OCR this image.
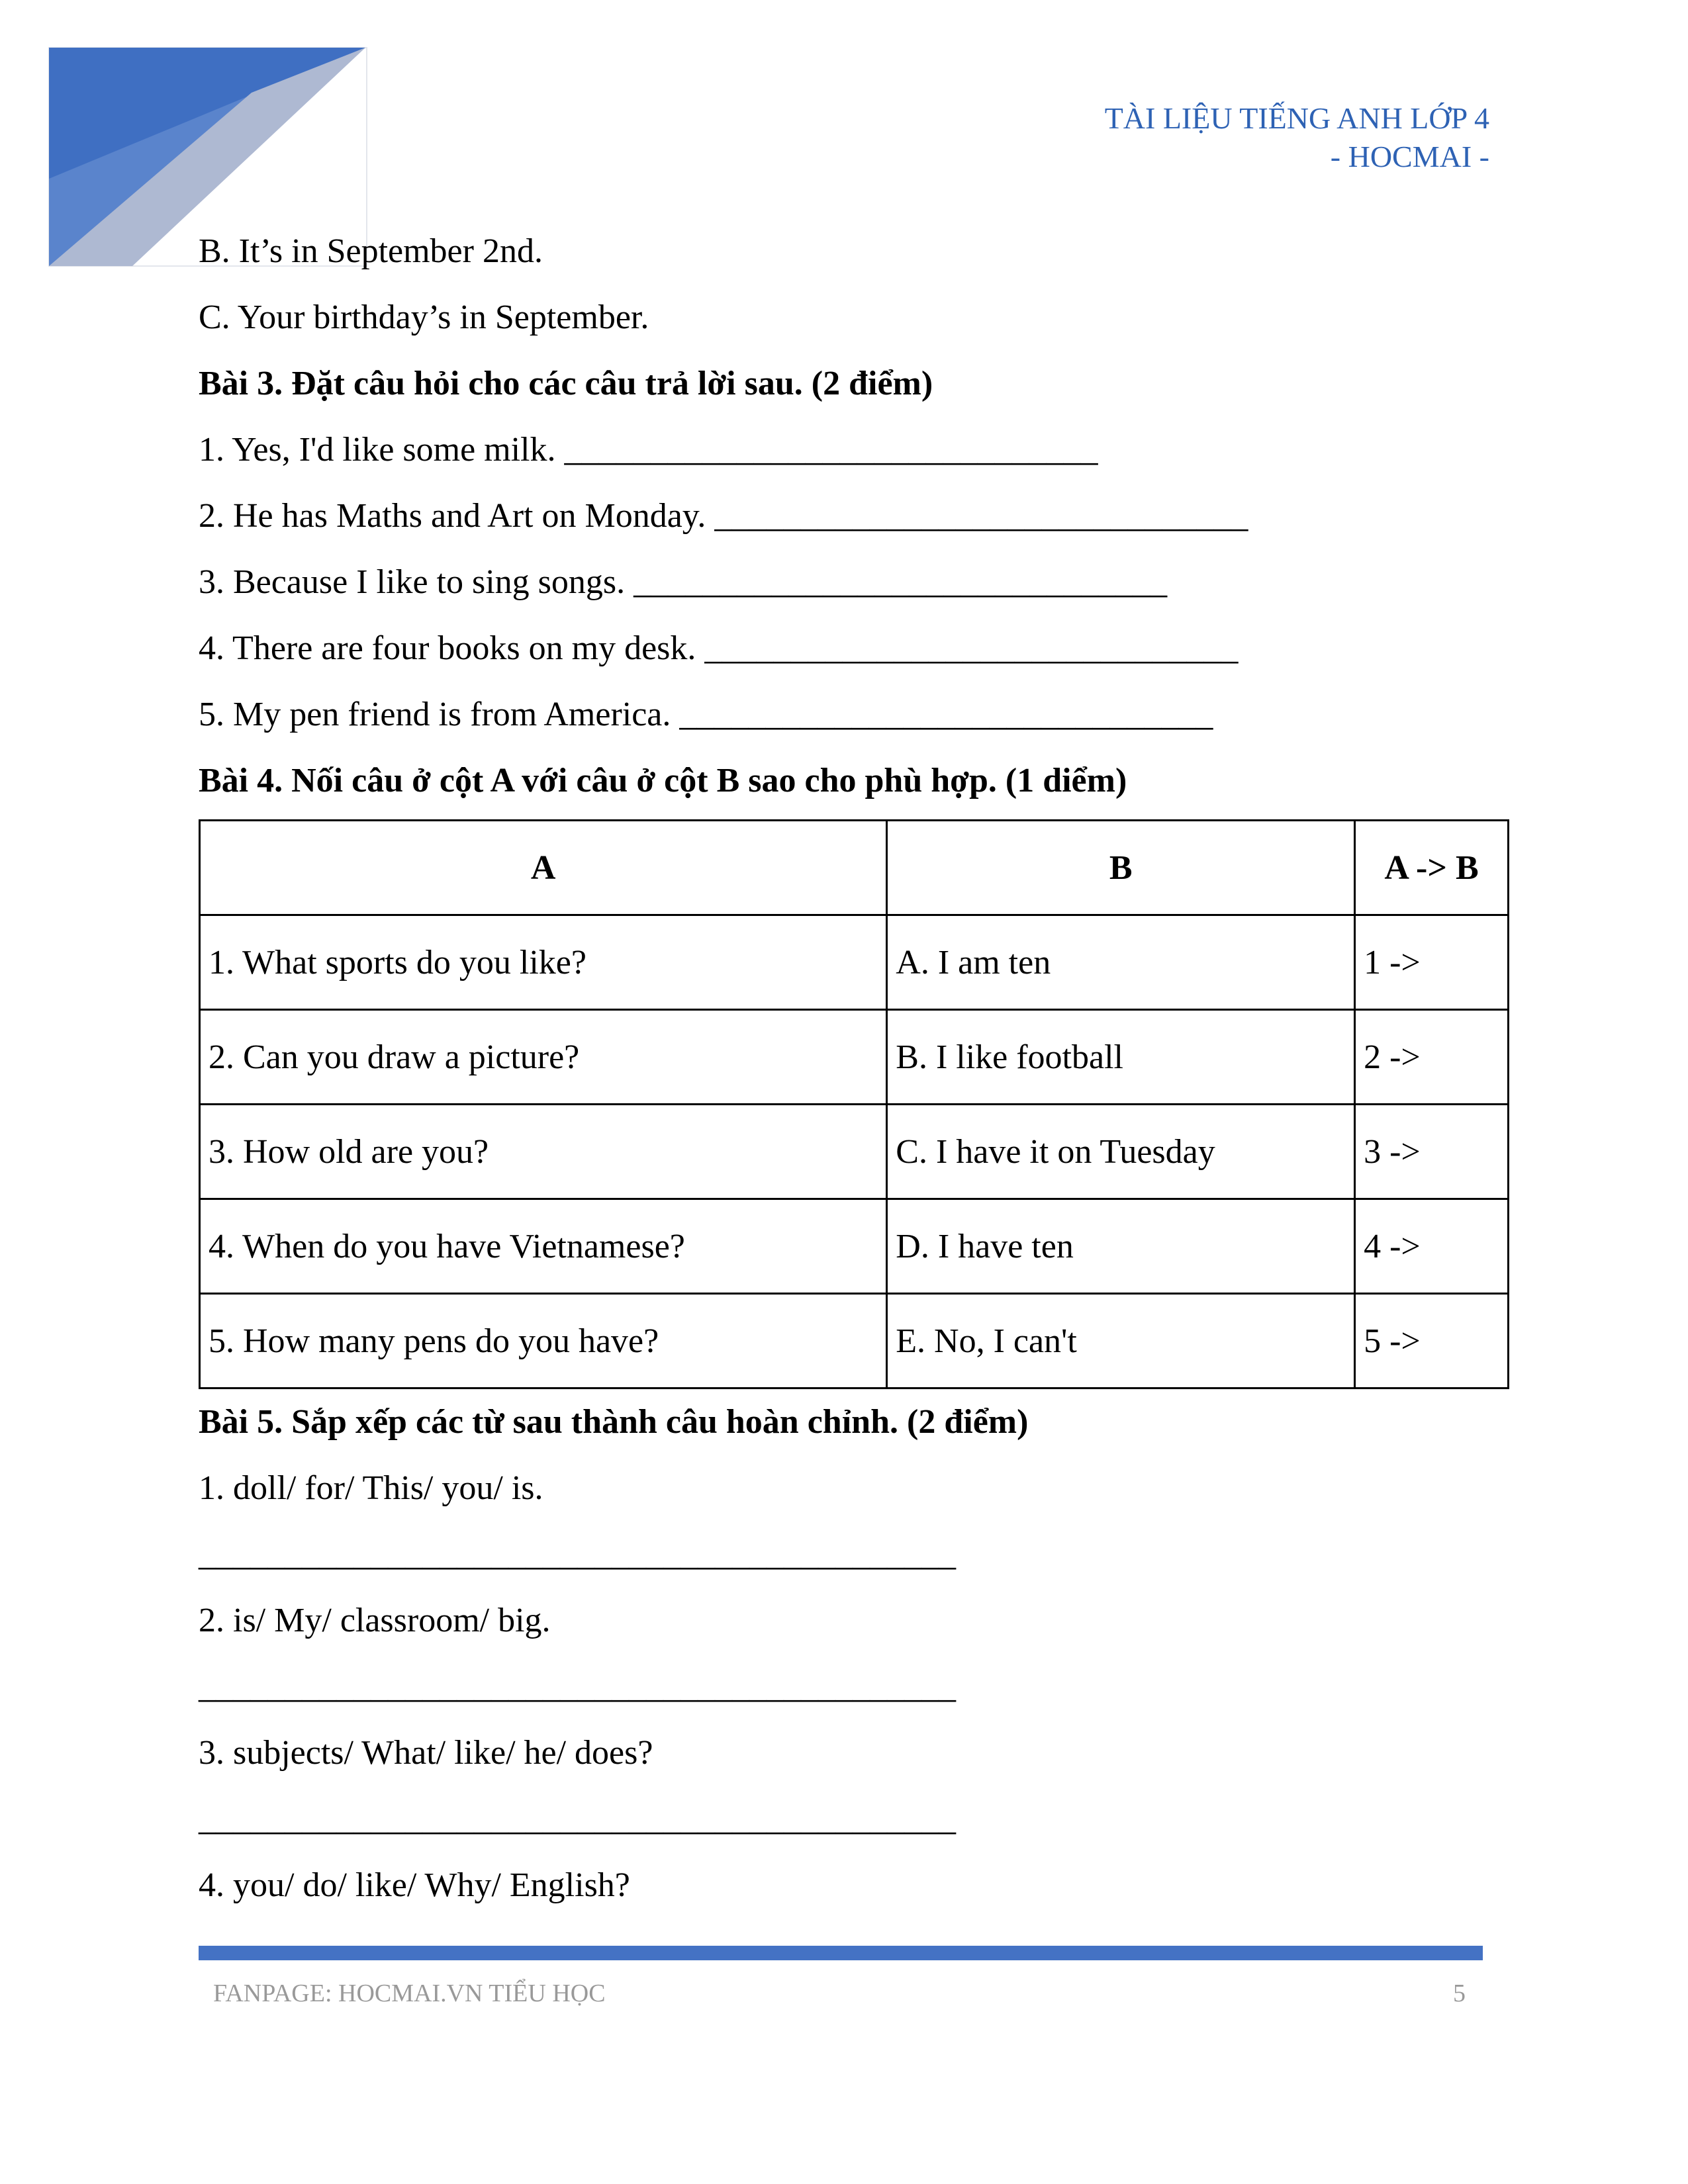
TÀI LIỆU TIẾNG ANH LỚP 4
- HOCMAI -
B. It’s in September 2nd.
C. Your birthday’s in September.
Bài 3. Đặt câu hỏi cho các câu trả lời sau. (2 điểm)
1. Yes, I'd like some milk. _______________________________
2. He has Maths and Art on Monday. _______________________________
3. Because I like to sing songs. _______________________________
4. There are four books on my desk. _______________________________
5. My pen friend is from America. _______________________________
Bài 4. Nối câu ở cột A với câu ở cột B sao cho phù hợp. (1 diểm)
A	B	A -> B
1. What sports do you like?	A. I am ten	1 ->
2. Can you draw a picture?	B. I like football	2 ->
3. How old are you?	C. I have it on Tuesday	3 ->
4. When do you have Vietnamese?	D. I have ten	4 ->
5. How many pens do you have?	E. No, I can't	5 ->
Bài 5. Sắp xếp các từ sau thành câu hoàn chỉnh. (2 điểm)
1. doll/ for/ This/ you/ is.
____________________________________________
2. is/ My/ classroom/ big.
____________________________________________
3. subjects/ What/ like/ he/ does?
____________________________________________
4. you/ do/ like/ Why/ English?
FANPAGE: HOCMAI.VN TIỂU HỌC	5
